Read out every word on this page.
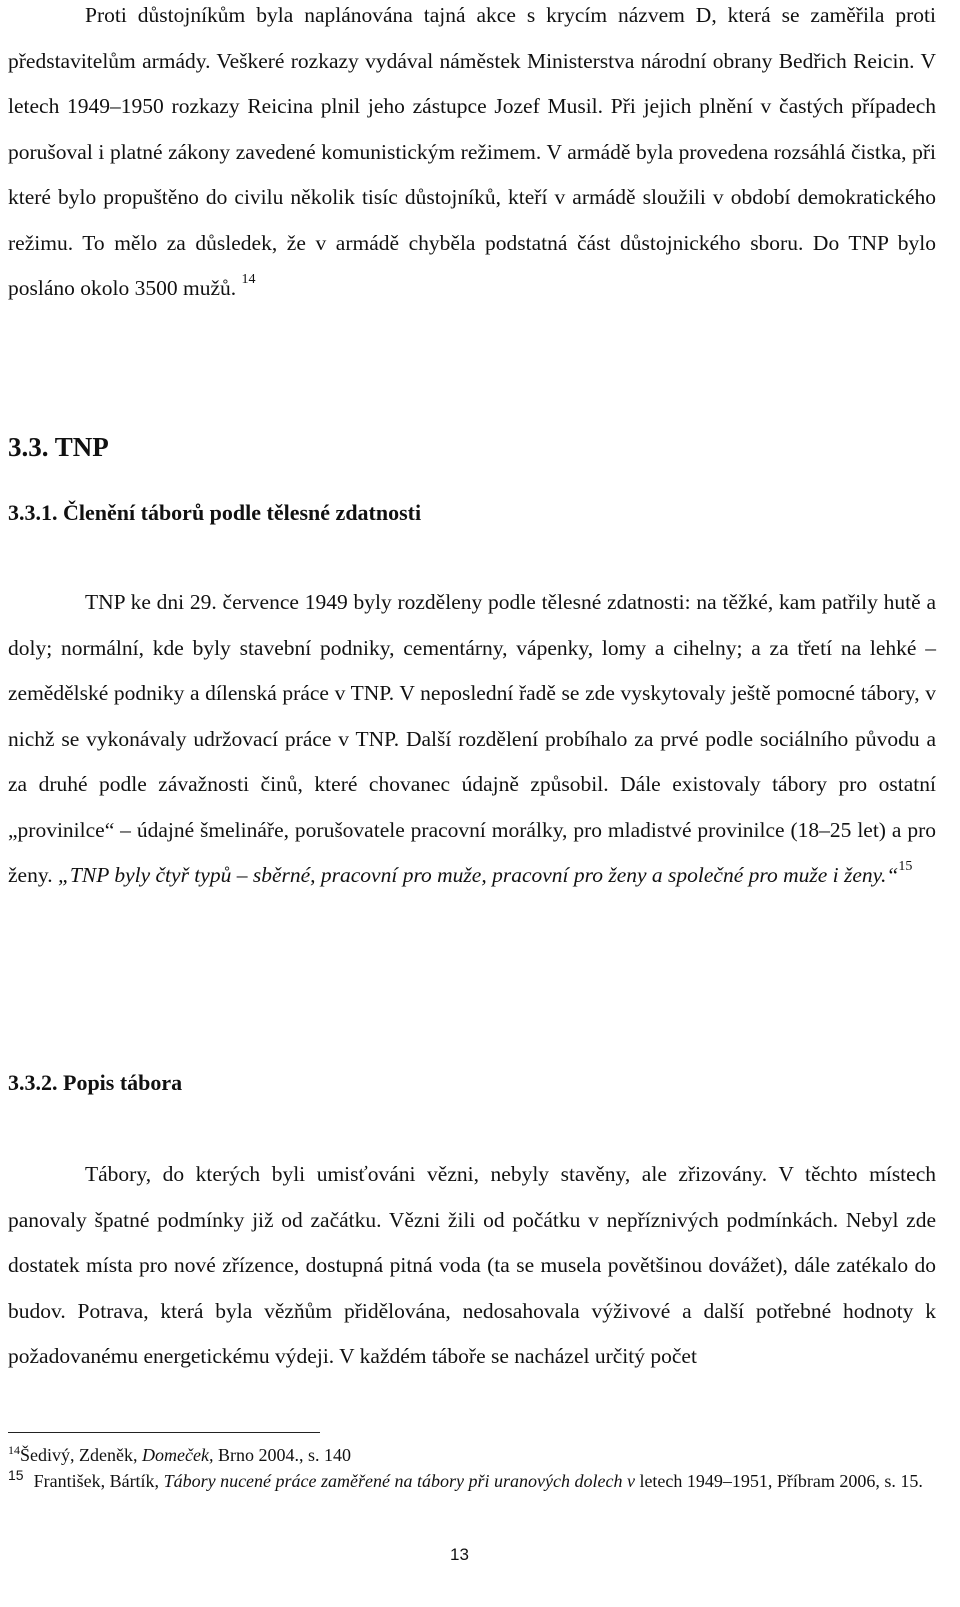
Proti důstojníkům byla naplánována tajná akce s krycím názvem D, která se zaměřila proti představitelům armády. Veškeré rozkazy vydával náměstek Ministerstva národní obrany Bedřich Reicin. V letech 1949–1950 rozkazy Reicina plnil jeho zástupce Jozef Musil. Při jejich plnění v častých případech porušoval i platné zákony zavedené komunistickým režimem. V armádě byla provedena rozsáhlá čistka, při které bylo propuštěno do civilu několik tisíc důstojníků, kteří v armádě sloužili v období demokratického režimu. To mělo za důsledek, že v armádě chyběla podstatná část důstojnického sboru. Do TNP bylo posláno okolo 3500 mužů. $^{14}$

3.3. TNP
3.3.1. Členění táborů podle tělesné zdatnosti

TNP ke dni 29. července 1949 byly rozděleny podle tělesné zdatnosti: na těžké, kam patřily hutě a doly; normální, kde byly stavební podniky, cementárny, vápenky, lomy a cihelny; a za třetí na lehké – zemědělské podniky a dílenská práce v TNP. V neposlední řadě se zde vyskytovaly ještě pomocné tábory, v nichž se vykonávaly udržovací práce v TNP. Další rozdělení probíhalo za prvé podle sociálního původu a za druhé podle závažnosti činů, které chovanec údajně způsobil. Dále existovaly tábory pro ostatní „provinilce“ – údajné šmelináře, porušovatele pracovní morálky, pro mladistvé provinilce (18–25 let) a pro ženy. „TNP byly čtyř typů – sběrné, pracovní pro muže, pracovní pro ženy a společné pro muže i ženy.“$^{15}$

3.3.2. Popis tábora

Tábory, do kterých byli umisťováni vězni, nebyly stavěny, ale zřizovány. V těchto místech panovaly špatné podmínky již od začátku. Vězni žili od počátku v nepříznivých podmínkách. Nebyl zde dostatek místa pro nové zřízence, dostupná pitná voda (ta se musela povětšinou dovážet), dále zatékalo do budov. Potrava, která byla vězňům přidělována, nedosahovala výživové a další potřebné hodnoty k požadovanému energetickému výdeji. V každém táboře se nacházel určitý počet

$^{14}$Šedivý, Zdeněk, Domeček, Brno 2004., s. 140
$^{15}$ František, Bártík, Tábory nucené práce zaměřené na tábory při uranových dolech v letech 1949–1951, Příbram 2006, s. 15.
13
